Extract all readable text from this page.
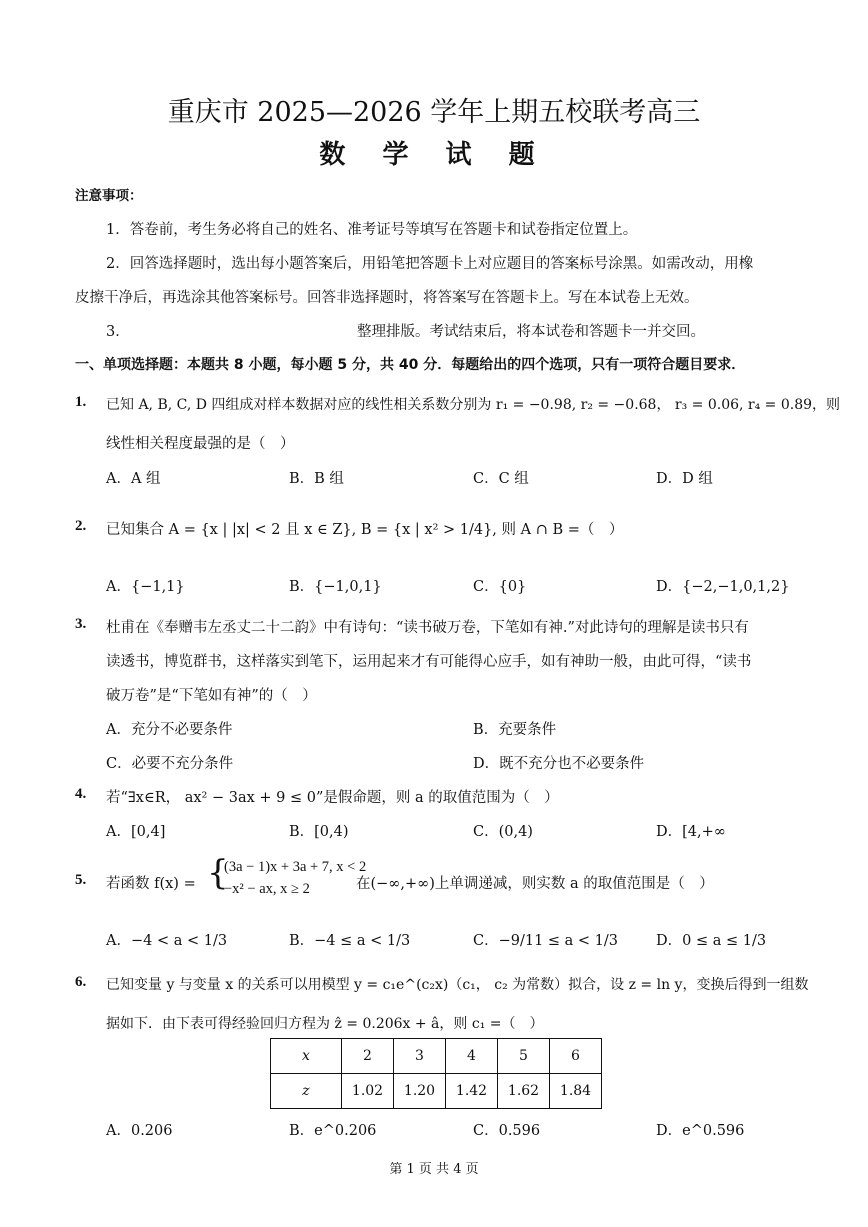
重庆市 2025—2026 学年上期五校联考高三
数 学 试 题
注意事项：
1．答卷前，考生务必将自己的姓名、准考证号等填写在答题卡和试卷指定位置上。
2．回答选择题时，选出每小题答案后，用铅笔把答题卡上对应题目的答案标号涂黑。如需改动，用橡
皮擦干净后，再选涂其他答案标号。回答非选择题时，将答案写在答题卡上。写在本试卷上无效。
3．	整理排版。考试结束后，将本试卷和答题卡一并交回。
一、单项选择题：本题共 8 小题，每小题 5 分，共 40 分．每题给出的四个选项，只有一项符合题目要求．
1. 已知 A, B, C, D 四组成对样本数据对应的线性相关系数分别为 r₁ = −0.98, r₂ = −0.68， r₃ = 0.06, r₄ = 0.89，则
线性相关程度最强的是（　）
A．A 组	B．B 组	C．C 组	D．D 组
2. 已知集合 A = {x | |x| < 2 且 x ∈ Z}, B = {x | x² > 1/4}, 则 A ∩ B =（　）
A．{−1,1}	B．{−1,0,1}	C．{0}	D．{−2,−1,0,1,2}
3. 杜甫在《奉赠韦左丞丈二十二韵》中有诗句：“读书破万卷，下笔如有神.”对此诗句的理解是读书只有
读透书，博览群书，这样落实到笔下，运用起来才有可能得心应手，如有神助一般，由此可得，“读书
破万卷”是“下笔如有神”的（　）
A．充分不必要条件	B．充要条件
C．必要不充分条件	D．既不充分也不必要条件
4. 若“∃x∈R， ax² − 3ax + 9 ≤ 0”是假命题，则 a 的取值范围为（　）
A．[0,4]	B．[0,4)	C．(0,4)	D．[4,+∞
5. 若函数 f(x) = {
(3a − 1)x + 3a + 7, x < 2
−x² − ax, x ≥ 2	在(−∞,+∞)上单调递减，则实数 a 的取值范围是（　）
A．−4 < a < 1/3	B．−4 ≤ a < 1/3	C．−9/11 ≤ a < 1/3	D．0 ≤ a ≤ 1/3
6. 已知变量 y 与变量 x 的关系可以用模型 y = c₁e^(c₂x)（c₁， c₂ 为常数）拟合，设 z = ln y，变换后得到一组数
据如下．由下表可得经验回归方程为 ẑ = 0.206x + â，则 c₁ =（　）
x	2	3	4	5	6
z	1.02	1.20	1.42	1.62	1.84
A．0.206	B．e^0.206	C．0.596	D．e^0.596
第 1 页 共 4 页
